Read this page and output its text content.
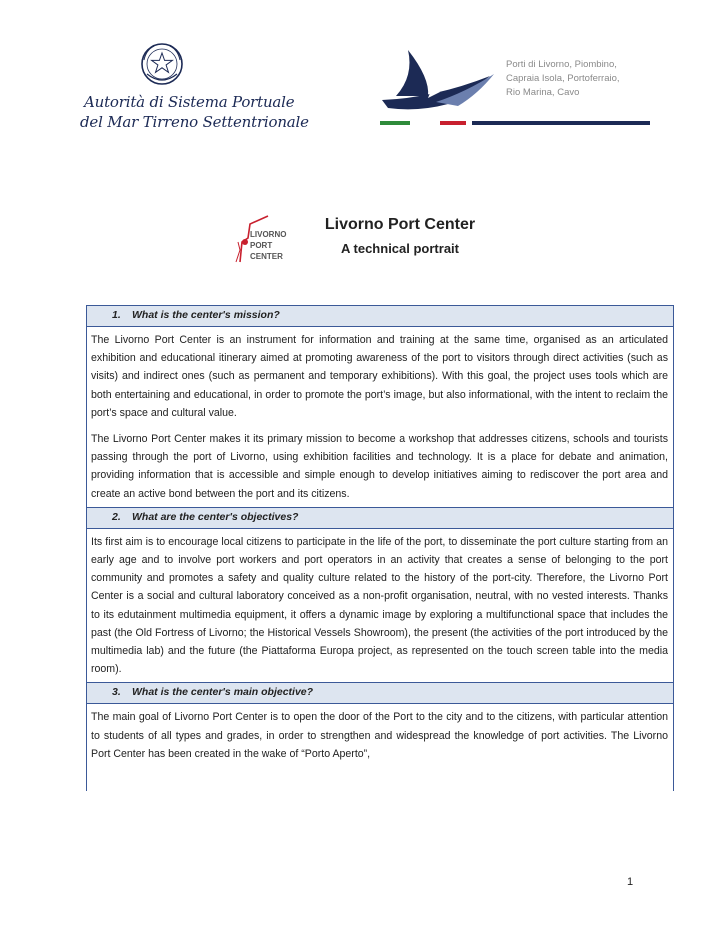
Autorità di Sistema Portuale
del Mar Tirreno Settentrionale
Porti di Livorno, Piombino,
Capraia Isola, Portoferraio,
Rio Marina, Cavo
LIVORNO
PORT
CENTER
Livorno Port Center
A technical portrait
1. What is the center's mission?

The Livorno Port Center is an instrument for information and training at the same time, organised as an articulated exhibition and educational itinerary aimed at promoting awareness of the port to visitors through direct activities (such as visits) and indirect ones (such as permanent and temporary exhibitions). With this goal, the project uses tools which are both entertaining and educational, in order to promote the port’s image, but also informational, with the intent to reclaim the port’s space and cultural value.

The Livorno Port Center makes it its primary mission to become a workshop that addresses citizens, schools and tourists passing through the port of Livorno, using exhibition facilities and technology. It is a place for debate and animation, providing information that is accessible and simple enough to develop initiatives aiming to rediscover the port area and create an active bond between the port and its citizens.

2. What are the center's objectives?

Its first aim is to encourage local citizens to participate in the life of the port, to disseminate the port culture starting from an early age and to involve port workers and port operators in an activity that creates a sense of belonging to the port community and promotes a safety and quality culture related to the history of the port-city. Therefore, the Livorno Port Center is a social and cultural laboratory conceived as a non-profit organisation, neutral, with no vested interests. Thanks to its edutainment multimedia equipment, it offers a dynamic image by exploring a multifunctional space that includes the past (the Old Fortress of Livorno; the Historical Vessels Showroom), the present (the activities of the port introduced by the multimedia lab) and the future (the Piattaforma Europa project, as represented on the touch screen table into the media room).

3. What is the center's main objective?

The main goal of Livorno Port Center is to open the door of the Port to the city and to the citizens, with particular attention to students of all types and grades, in order to strengthen and widespread the knowledge of port activities. The Livorno Port Center has been created in the wake of “Porto Aperto”,

1
